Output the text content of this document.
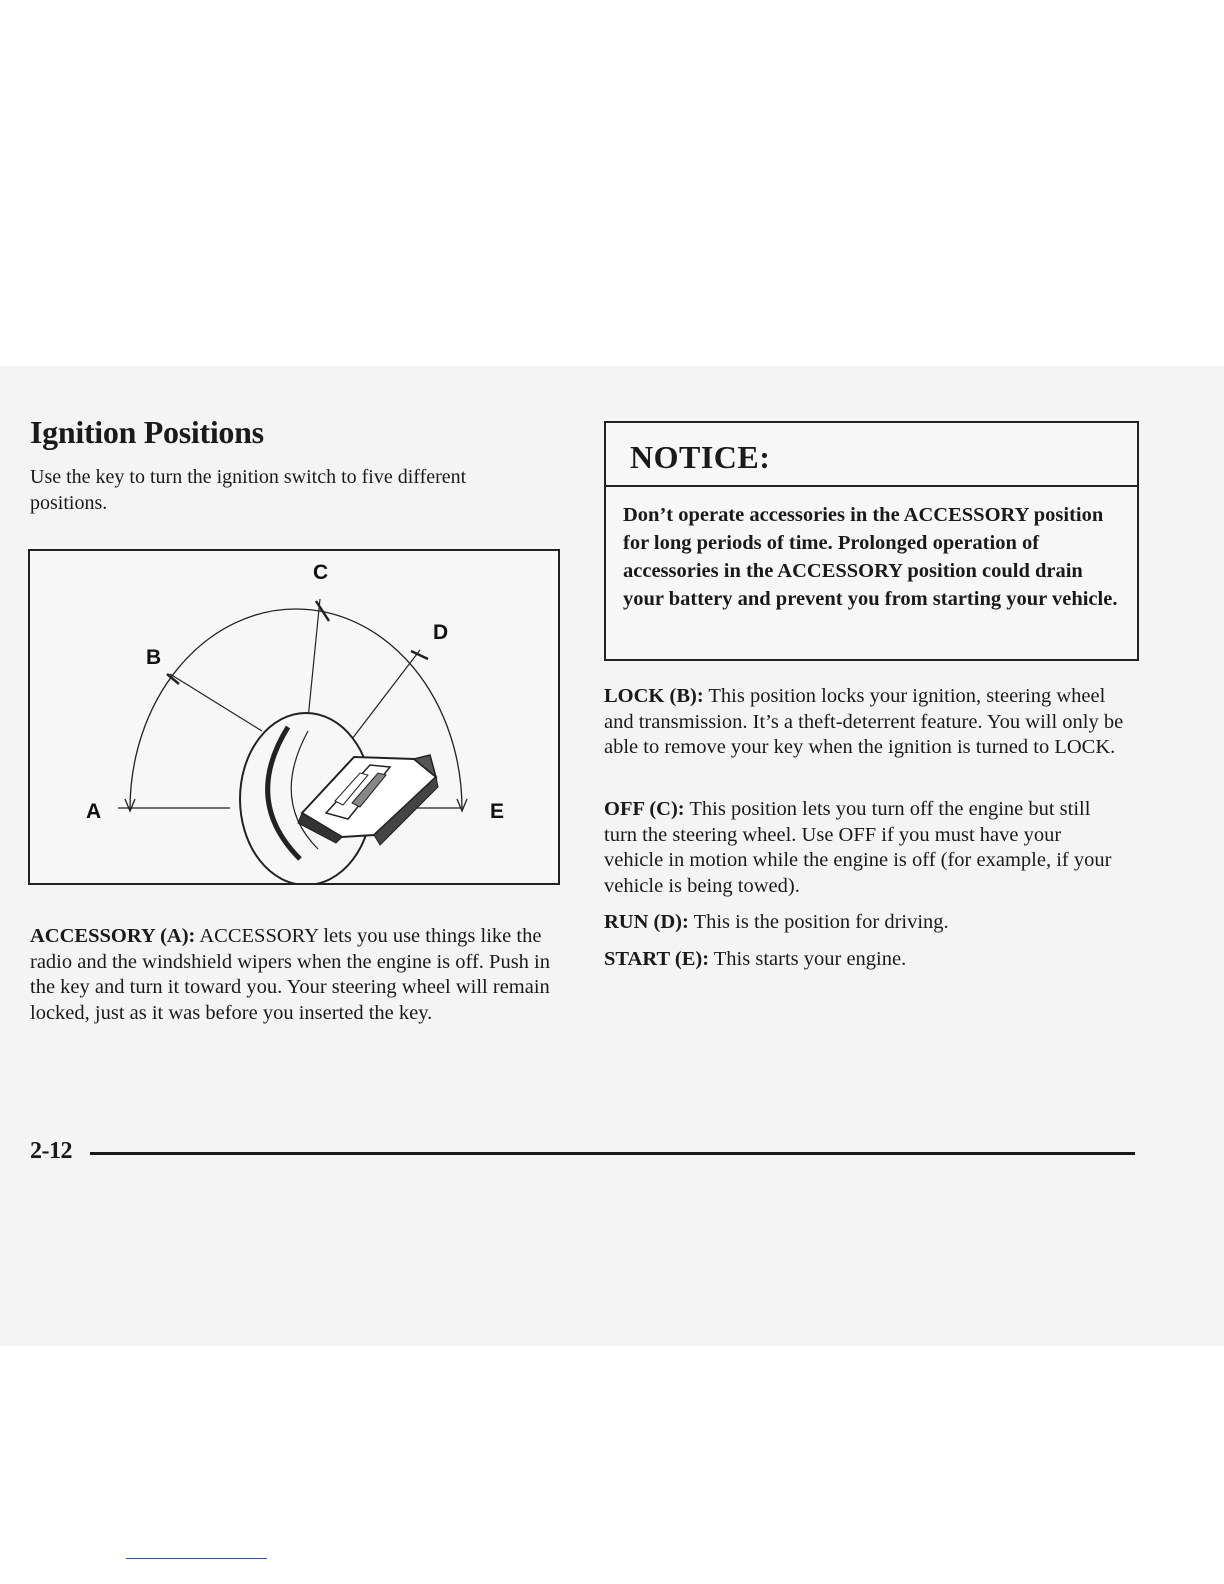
Ignition Positions

Use the key to turn the ignition switch to five different positions.

A
B
C
D
E

ACCESSORY (A): ACCESSORY lets you use things like the radio and the windshield wipers when the engine is off. Push in the key and turn it toward you. Your steering wheel will remain locked, just as it was before you inserted the key.

NOTICE:

Don’t operate accessories in the ACCESSORY position for long periods of time. Prolonged operation of accessories in the ACCESSORY position could drain your battery and prevent you from starting your vehicle.

LOCK (B): This position locks your ignition, steering wheel and transmission. It’s a theft-deterrent feature. You will only be able to remove your key when the ignition is turned to LOCK.

OFF (C): This position lets you turn off the engine but still turn the steering wheel. Use OFF if you must have your vehicle in motion while the engine is off (for example, if your vehicle is being towed).

RUN (D): This is the position for driving.

START (E): This starts your engine.

2-12
